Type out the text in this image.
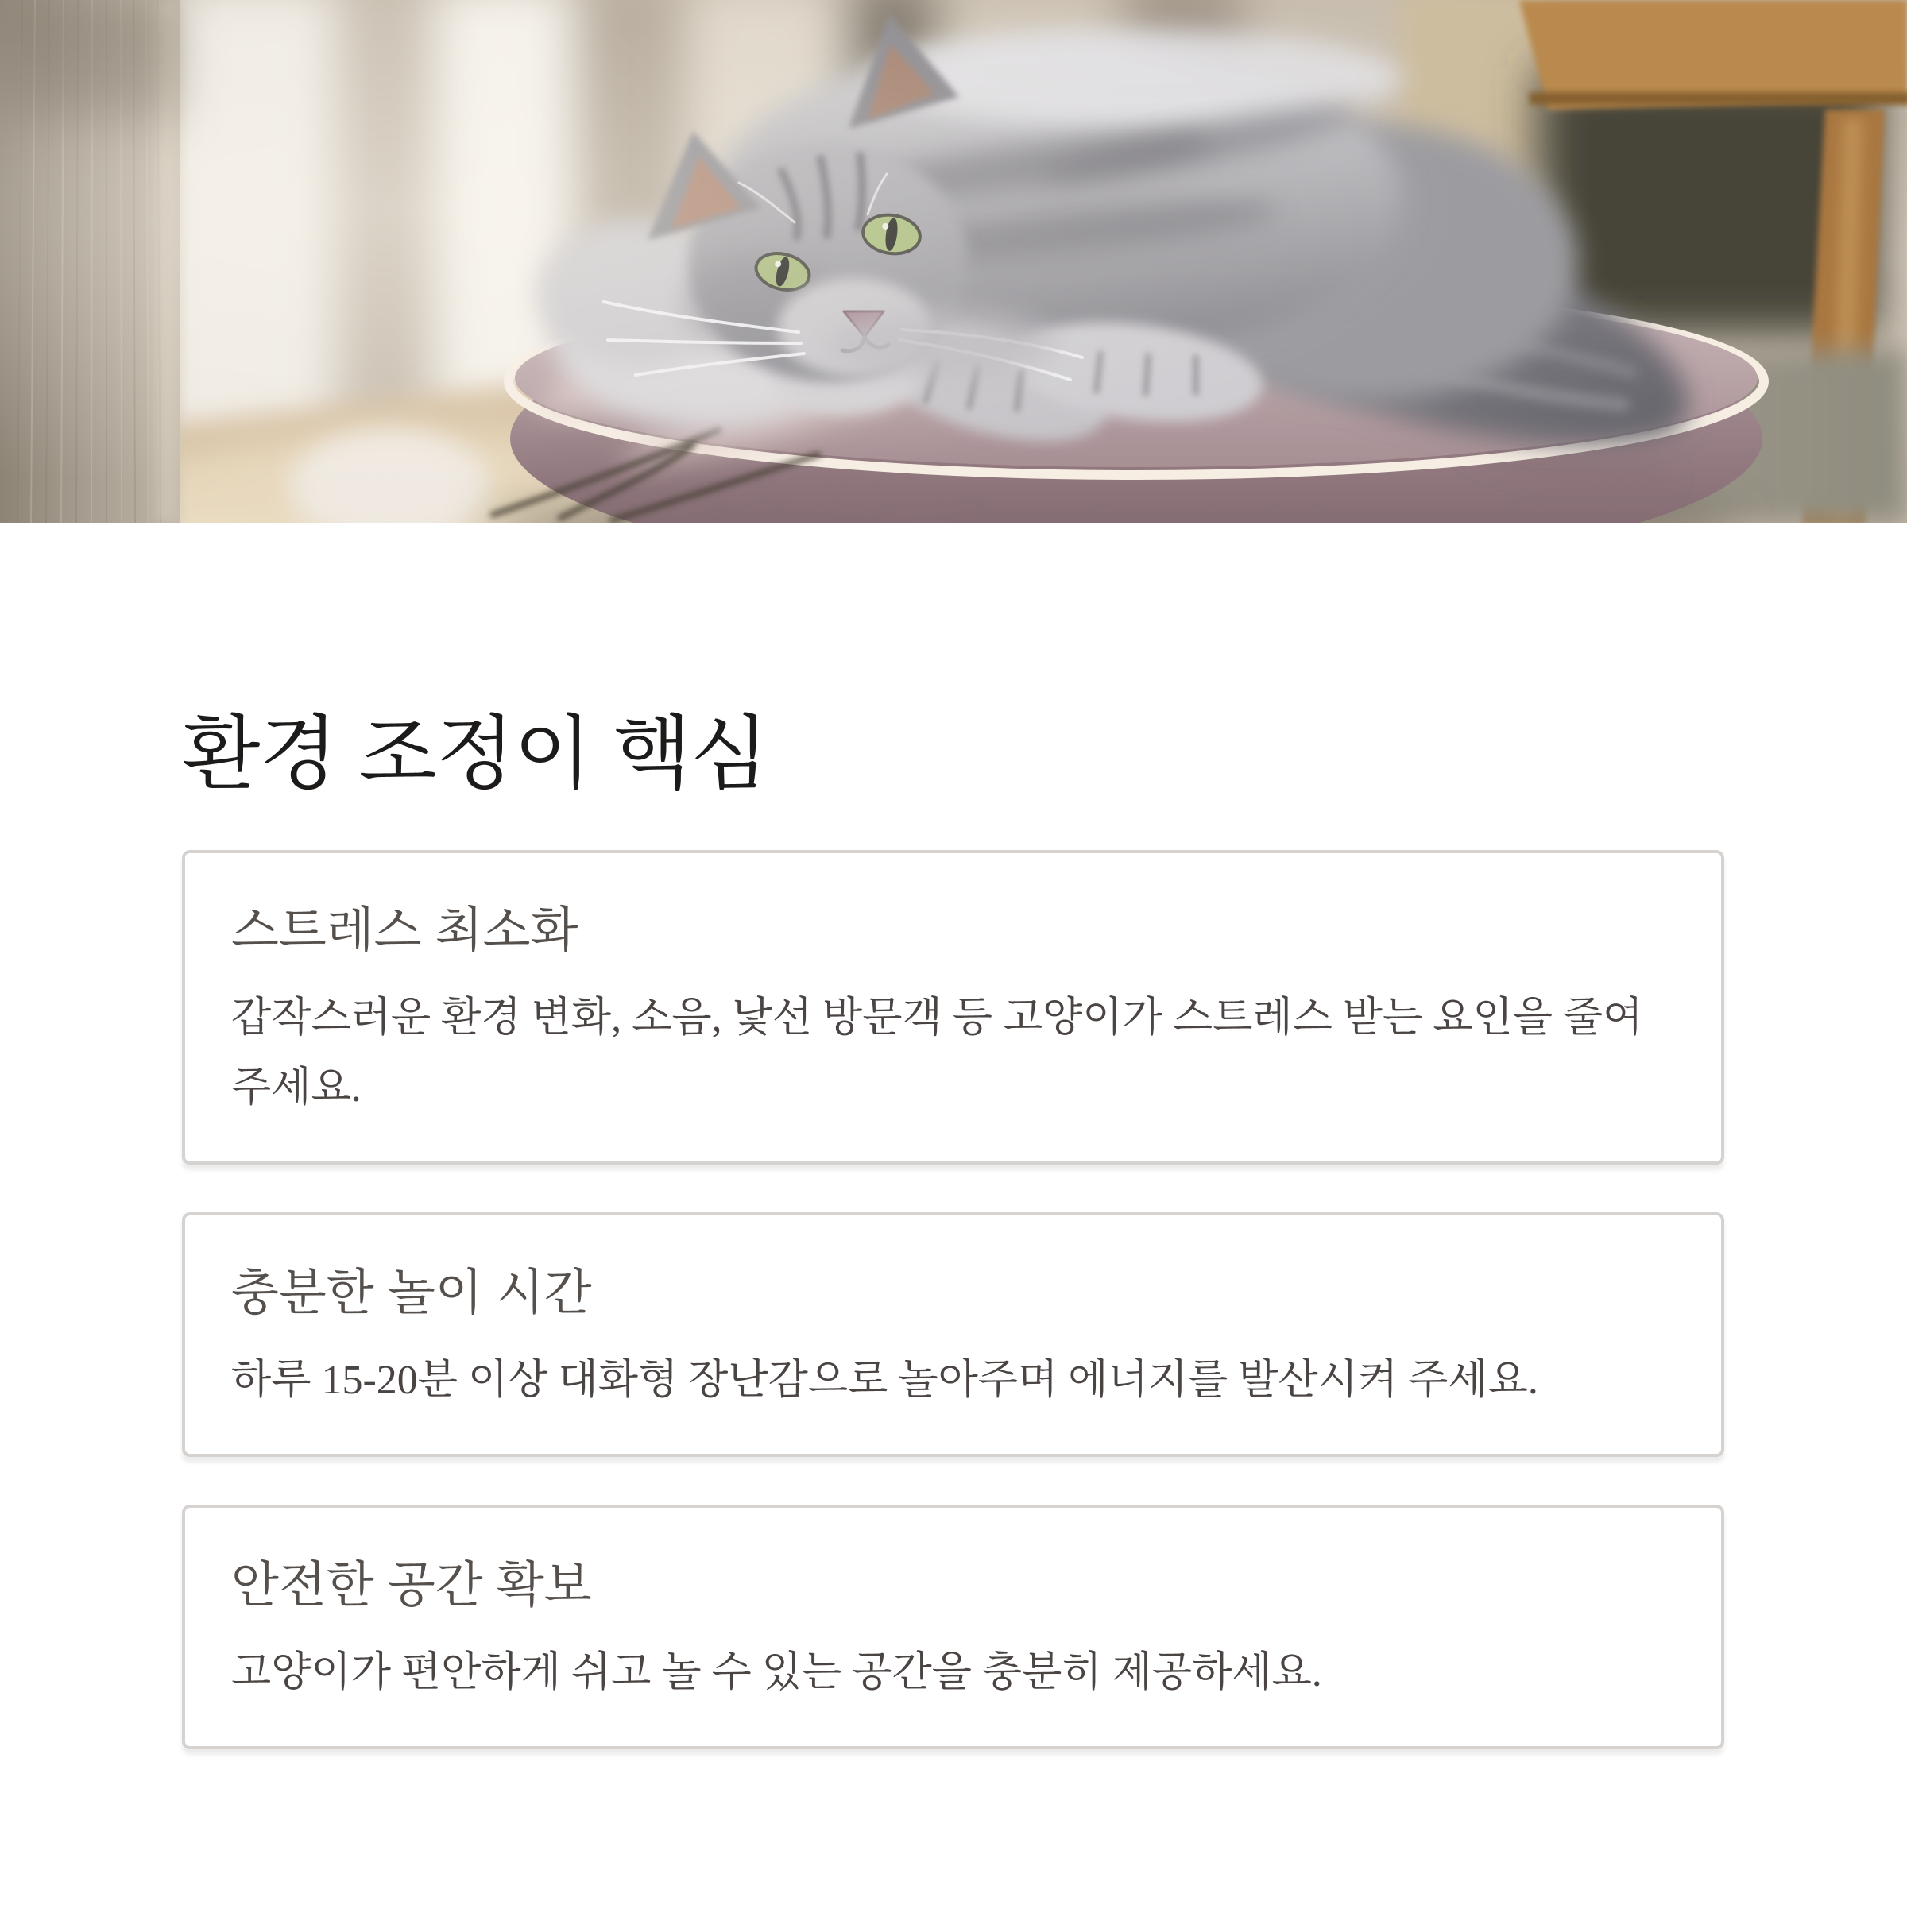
환경 조정이 핵심
스트레스 최소화

갑작스러운 환경 변화, 소음, 낯선 방문객 등 고양이가 스트레스 받는 요인을 줄여주세요.

충분한 놀이 시간

하루 15-20분 이상 대화형 장난감으로 놀아주며 에너지를 발산시켜 주세요.

안전한 공간 확보

고양이가 편안하게 쉬고 놀 수 있는 공간을 충분히 제공하세요.
